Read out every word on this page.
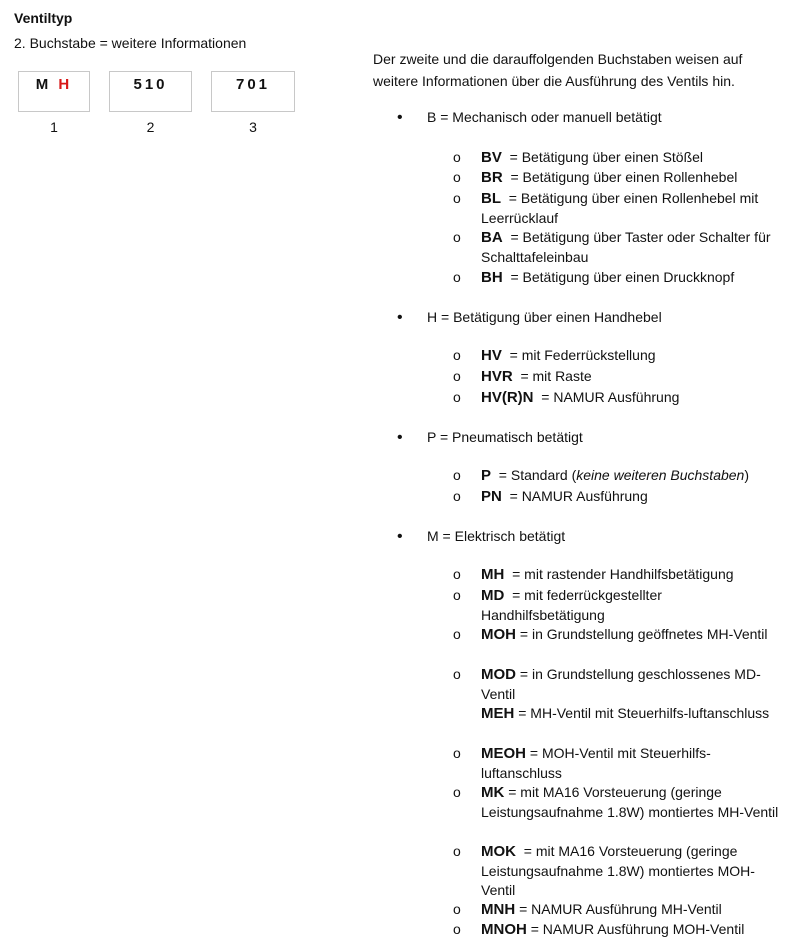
Ventiltyp
2. Buchstabe = weitere Informationen
M H
1
510
2
701
3
Der zweite und die darauffolgenden Buchstaben weisen auf weitere Informationen über die Ausführung des Ventils hin.
• B = Mechanisch oder manuell betätigt
o BV = Betätigung über einen Stößel
o BR = Betätigung über einen Rollenhebel
o BL = Betätigung über einen Rollenhebel mit Leerrücklauf
o BA = Betätigung über Taster oder Schalter für Schalttafeleinbau
o BH = Betätigung über einen Druckknopf
• H = Betätigung über einen Handhebel
o HV = mit Federrückstellung
o HVR = mit Raste
o HV(R)N = NAMUR Ausführung
• P = Pneumatisch betätigt
o P = Standard (keine weiteren Buchstaben)
o PN = NAMUR Ausführung
• M = Elektrisch betätigt
o MH = mit rastender Handhilfsbetätigung
o MD = mit federrückgestellter Handhilfsbetätigung
o MOH = in Grundstellung geöffnetes MH-Ventil
o MOD = in Grundstellung geschlossenes MD-Ventil
MEH = MH-Ventil mit Steuerhilfs-luftanschluss
o MEOH = MOH-Ventil mit Steuerhilfs-luftanschluss
o MK = mit MA16 Vorsteuerung (geringe Leistungsaufnahme 1.8W) montiertes MH-Ventil
o MOK = mit MA16 Vorsteuerung (geringe Leistungsaufnahme 1.8W) montiertes MOH-Ventil
o MNH = NAMUR Ausführung MH-Ventil
o MNOH = NAMUR Ausführung MOH-Ventil
